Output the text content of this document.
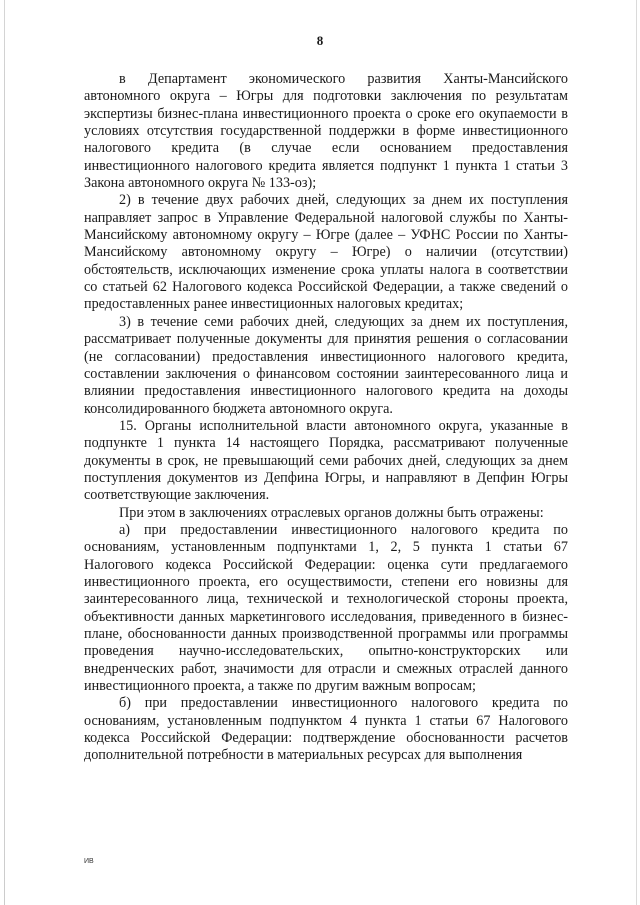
8

в Департамент экономического развития Ханты-Мансийского автономного округа – Югры для подготовки заключения по результатам экспертизы бизнес-плана инвестиционного проекта о сроке его окупаемости в условиях отсутствия государственной поддержки в форме инвестиционного налогового кредита (в случае если основанием предоставления инвестиционного налогового кредита является подпункт 1 пункта 1 статьи 3 Закона автономного округа № 133-оз);

2) в течение двух рабочих дней, следующих за днем их поступления направляет запрос в Управление Федеральной налоговой службы по Ханты-Мансийскому автономному округу – Югре (далее – УФНС России по Ханты-Мансийскому автономному округу – Югре) о наличии (отсутствии) обстоятельств, исключающих изменение срока уплаты налога в соответствии со статьей 62 Налогового кодекса Российской Федерации, а также сведений о предоставленных ранее инвестиционных налоговых кредитах;

3) в течение семи рабочих дней, следующих за днем их поступления, рассматривает полученные документы для принятия решения о согласовании (не согласовании) предоставления инвестиционного налогового кредита, составлении заключения о финансовом состоянии заинтересованного лица и влиянии предоставления инвестиционного налогового кредита на доходы консолидированного бюджета автономного округа.

15. Органы исполнительной власти автономного округа, указанные в подпункте 1 пункта 14 настоящего Порядка, рассматривают полученные документы в срок, не превышающий семи рабочих дней, следующих за днем поступления документов из Депфина Югры, и направляют в Депфин Югры соответствующие заключения.

При этом в заключениях отраслевых органов должны быть отражены:

а) при предоставлении инвестиционного налогового кредита по основаниям, установленным подпунктами 1, 2, 5 пункта 1 статьи 67 Налогового кодекса Российской Федерации: оценка сути предлагаемого инвестиционного проекта, его осуществимости, степени его новизны для заинтересованного лица, технической и технологической стороны проекта, объективности данных маркетингового исследования, приведенного в бизнес-плане, обоснованности данных производственной программы или программы проведения научно-исследовательских, опытно-конструкторских или внедренческих работ, значимости для отрасли и смежных отраслей данного инвестиционного проекта, а также по другим важным вопросам;

б) при предоставлении инвестиционного налогового кредита по основаниям, установленным подпунктом 4 пункта 1 статьи 67 Налогового кодекса Российской Федерации: подтверждение обоснованности расчетов дополнительной потребности в материальных ресурсах для выполнения

ИВ
